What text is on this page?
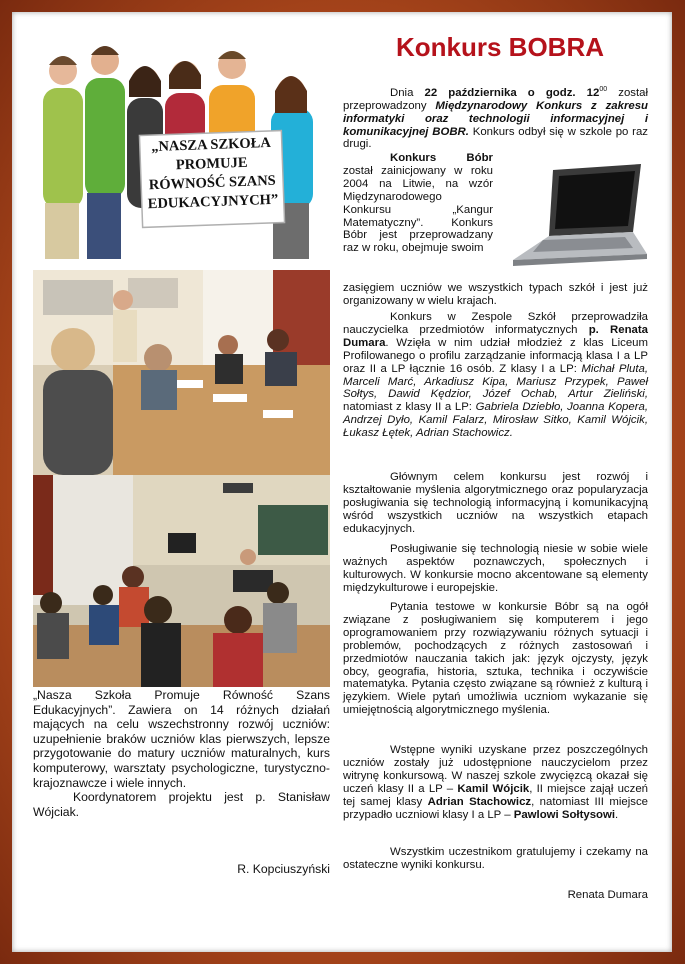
„NASZA SZKOŁA
PROMUJE
RÓWNOŚĆ SZANS
EDUKACYJNYCH”

„Nasza Szkoła Promuje Równość Szans Edukacyjnych”. Zawiera on 14 różnych działań mających na celu wszechstronny rozwój uczniów: uzupełnienie braków uczniów klas pierwszych, lepsze przygotowanie do matury uczniów maturalnych, kurs komputerowy, warsztaty psychologiczne, turystyczno-krajoznawcze i wiele innych.

Koordynatorem projektu jest p. Stanisław Wójciak.

R. Kopciuszyński
Konkurs BOBRA

Dnia 22 października o godz. $12^{00}$ został przeprowadzony Międzynarodowy Konkurs z zakresu informatyki oraz technologii informacyjnej i komunikacyjnej BOBR. Konkurs odbył się w szkole po raz drugi.

Konkurs Bóbr został zainicjowany w roku 2004 na Litwie, na wzór Międzynarodowego Konkursu „Kangur Matematyczny”. Konkurs Bóbr jest przeprowadzany raz w roku, obejmuje swoim

zasięgiem uczniów we wszystkich typach szkół i jest już organizowany w wielu krajach.

Konkurs w Zespole Szkół przeprowadziła nauczycielka przedmiotów informatycznych p. Renata Dumara. Wzięła w nim udział młodzież z klas Liceum Profilowanego o profilu zarządzanie informacją klasa I a LP oraz II a LP łącznie 16 osób. Z klasy I a LP: Michał Pluta, Marceli Marć, Arkadiusz Kipa, Mariusz Przypek, Paweł Sołtys, Dawid Kędzior, Józef Ochab, Artur Zieliński, natomiast z klasy II a LP: Gabriela Dziebło, Joanna Kopera, Andrzej Dyło, Kamil Falarz, Mirosław Sitko, Kamil Wójcik, Łukasz Łętek, Adrian Stachowicz.

Głównym celem konkursu jest rozwój i kształtowanie myślenia algorytmicznego oraz popularyzacja posługiwania się technologią informacyjną i komunikacyjną wśród wszystkich uczniów na wszystkich etapach edukacyjnych.

Posługiwanie się technologią niesie w sobie wiele ważnych aspektów poznawczych, społecznych i kulturowych. W konkursie mocno akcentowane są elementy międzykulturowe i europejskie.

Pytania testowe w konkursie Bóbr są na ogół związane z posługiwaniem się komputerem i jego oprogramowaniem przy rozwiązywaniu różnych sytuacji i problemów, pochodzących z różnych zastosowań i przedmiotów nauczania takich jak: język ojczysty, język obcy, geografia, historia, sztuka, technika i oczywiście matematyka. Pytania często związane są również z kulturą i językiem. Wiele pytań umożliwia uczniom wykazanie się umiejętnością algorytmicznego myślenia.

Wstępne wyniki uzyskane przez poszczególnych uczniów zostały już udostępnione nauczycielom przez witrynę konkursową. W naszej szkole zwycięzcą okazał się uczeń klasy II a LP – Kamil Wójcik, II miejsce zajął uczeń tej samej klasy Adrian Stachowicz, natomiast III miejsce przypadło uczniowi klasy I a LP – Pawlowi Sołtysowi.

Wszystkim uczestnikom gratulujemy i czekamy na ostateczne wyniki konkursu.

Renata Dumara
